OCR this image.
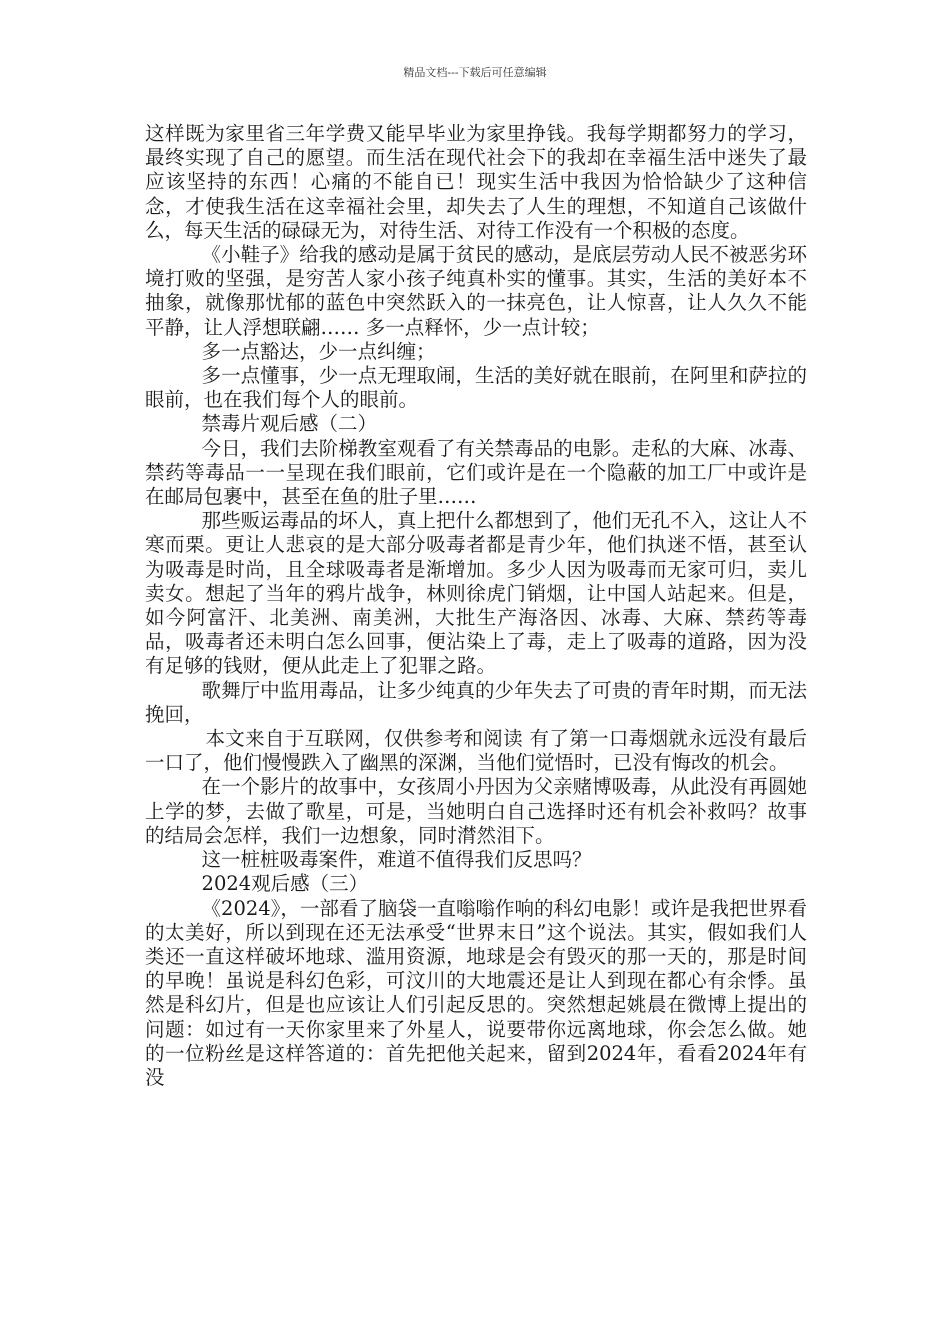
精品文档---下载后可任意编辑

这样既为家里省三年学费又能早毕业为家里挣钱。我每学期都努力的学习，最终实现了自己的愿望。而生活在现代社会下的我却在幸福生活中迷失了最应该坚持的东西！心痛的不能自已！现实生活中我因为恰恰缺少了这种信念，才使我生活在这幸福社会里，却失去了人生的理想，不知道自己该做什么，每天生活的碌碌无为，对待生活、对待工作没有一个积极的态度。

《小鞋子》给我的感动是属于贫民的感动，是底层劳动人民不被恶劣环境打败的坚强，是穷苦人家小孩子纯真朴实的懂事。其实，生活的美好本不抽象，就像那忧郁的蓝色中突然跃入的一抹亮色，让人惊喜，让人久久不能平静，让人浮想联翩…… 多一点释怀，少一点计较；

多一点豁达，少一点纠缠；

多一点懂事，少一点无理取闹，生活的美好就在眼前，在阿里和萨拉的眼前，也在我们每个人的眼前。

禁毒片观后感（二）

今日，我们去阶梯教室观看了有关禁毒品的电影。走私的大麻、冰毒、禁药等毒品一一呈现在我们眼前，它们或许是在一个隐蔽的加工厂中或许是在邮局包裹中，甚至在鱼的肚子里……

那些贩运毒品的坏人，真上把什么都想到了，他们无孔不入，这让人不寒而栗。更让人悲哀的是大部分吸毒者都是青少年，他们执迷不悟，甚至认为吸毒是时尚，且全球吸毒者是渐增加。多少人因为吸毒而无家可归，卖儿卖女。想起了当年的鸦片战争，林则徐虎门销烟，让中国人站起来。但是，如今阿富汗、北美洲、南美洲，大批生产海洛因、冰毒、大麻、禁药等毒品，吸毒者还未明白怎么回事，便沾染上了毒，走上了吸毒的道路，因为没有足够的钱财，便从此走上了犯罪之路。

歌舞厅中监用毒品，让多少纯真的少年失去了可贵的青年时期，而无法挽回，

本文来自于互联网，仅供参考和阅读 有了第一口毒烟就永远没有最后一口了，他们慢慢跌入了幽黑的深渊，当他们觉悟时，已没有悔改的机会。

在一个影片的故事中，女孩周小丹因为父亲赌博吸毒，从此没有再圆她上学的梦，去做了歌星，可是，当她明白自己选择时还有机会补救吗？故事的结局会怎样，我们一边想象，同时潸然泪下。

这一桩桩吸毒案件，难道不值得我们反思吗？

2024观后感（三）

《2024》，一部看了脑袋一直嗡嗡作响的科幻电影！或许是我把世界看的太美好，所以到现在还无法承受“世界末日”这个说法。其实，假如我们人类还一直这样破坏地球、滥用资源，地球是会有毁灭的那一天的，那是时间的早晚！虽说是科幻色彩，可汶川的大地震还是让人到现在都心有余悸。虽然是科幻片，但是也应该让人们引起反思的。突然想起姚晨在微博上提出的问题：如过有一天你家里来了外星人，说要带你远离地球，你会怎么做。她的一位粉丝是这样答道的：首先把他关起来，留到2024年，看看2024年有没
